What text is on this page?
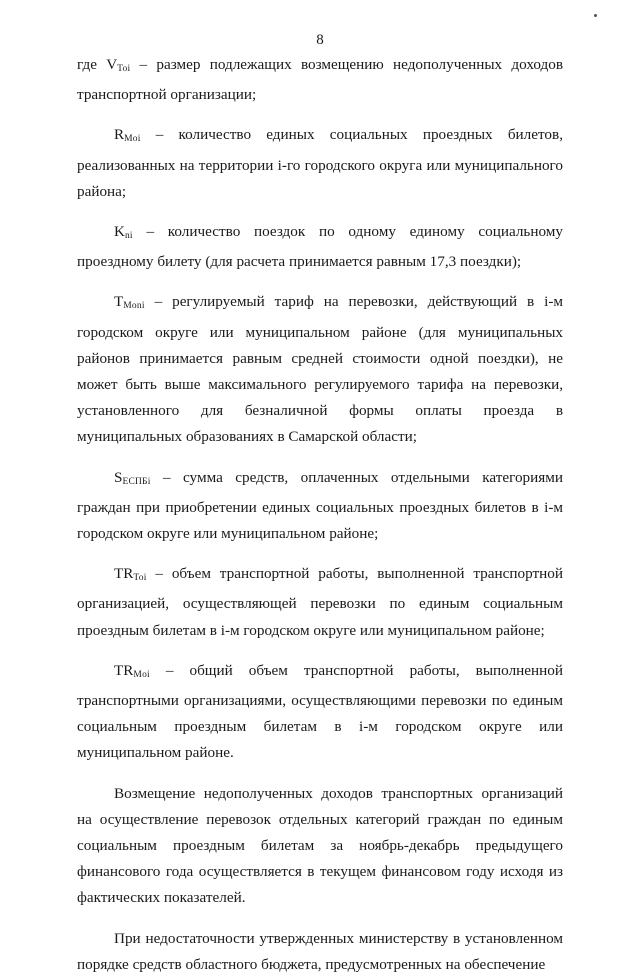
8

где $V_{Toi}$ – размер подлежащих возмещению недополученных доходов транспортной организации;

$R_{Moi}$ – количество единых социальных проездных билетов, реализованных на территории i-го городского округа или муниципального района;

$K_{ni}$ – количество поездок по одному единому социальному проездному билету (для расчета принимается равным 17,3 поездки);

$T_{Moni}$ – регулируемый тариф на перевозки, действующий в i-м городском округе или муниципальном районе (для муниципальных районов принимается равным средней стоимости одной поездки), не может быть выше максимального регулируемого тарифа на перевозки, установленного для безналичной формы оплаты проезда в муниципальных образованиях в Самарской области;

$S_{ЕСПБi}$ – сумма средств, оплаченных отдельными категориями граждан при приобретении единых социальных проездных билетов в i-м городском округе или муниципальном районе;

$TR_{Toi}$ – объем транспортной работы, выполненной транспортной организацией, осуществляющей перевозки по единым социальным проездным билетам в i-м городском округе или муниципальном районе;

$TR_{Moi}$ – общий объем транспортной работы, выполненной транспортными организациями, осуществляющими перевозки по единым социальным проездным билетам в i-м городском округе или муниципальном районе.

Возмещение недополученных доходов транспортных организаций на осуществление перевозок отдельных категорий граждан по единым социальным проездным билетам за ноябрь-декабрь предыдущего финансового года осуществляется в текущем финансовом году исходя из фактических показателей.

При недостаточности утвержденных министерству в установленном порядке средств областного бюджета, предусмотренных на обеспечение
